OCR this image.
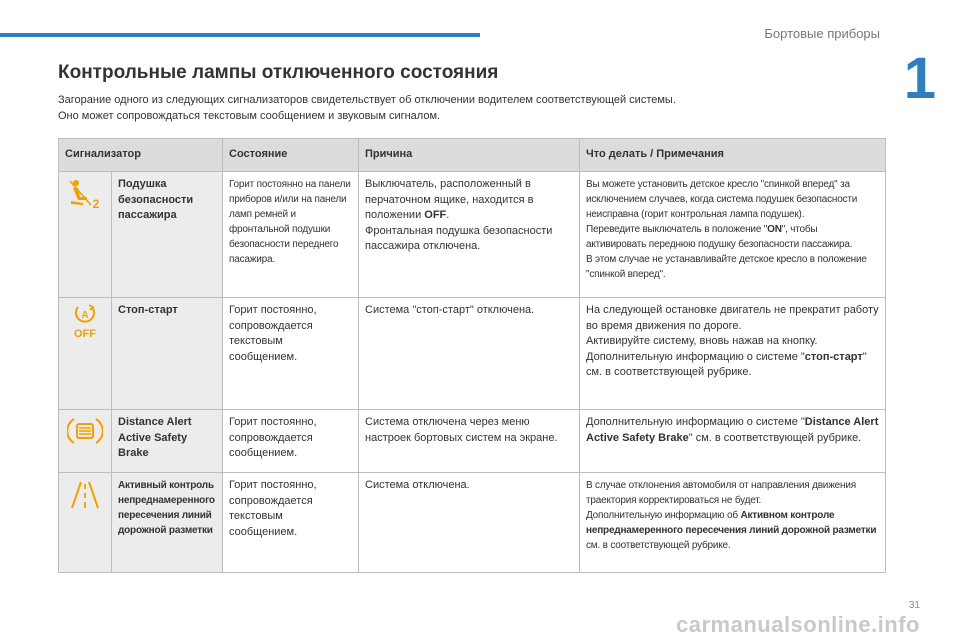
Бортовые приборы
1
Контрольные лампы отключенного состояния

Загорание одного из следующих сигнализаторов свидетельствует об отключении водителем соответствующей системы.

Оно может сопровождаться текстовым сообщением и звуковым сигналом.

Сигнализатор		Состояние	Причина	Что делать / Примечания

2	Подушка безопасности пассажира	Горит постоянно на панели приборов и/или на панели ламп ремней и фронтальной подушки безопасности переднего пасажира.	Выключатель, расположенный в перчаточном ящике, находится в положении OFF.
Фронтальная подушка безопасности пассажира отключена.	Вы можете установить детское кресло "спинкой вперед" за исключением случаев, когда система подушек безопасности неисправна (горит контрольная лампа подушек).
Переведите выключатель в положение "ON", чтобы активировать переднюю подушку безопасности пассажира.
В этом случае не устанавливайте детское кресло в положение "спинкой вперед".

A
OFF	Стоп-старт	Горит постоянно, сопровождается текстовым сообщением.	Система "стоп-старт" отключена.	На следующей остановке двигатель не прекратит работу во время движения по дороге.
Активируйте систему, вновь нажав на кнопку.
Дополнительную информацию о системе "стоп-старт" см. в соответствующей рубрике.
	Distance Alert Active Safety Brake	Горит постоянно, сопровождается сообщением.	Система отключена через меню настроек бортовых систем на экране.	Дополнительную информацию о системе "Distance Alert Active Safety Brake" см. в соответствующей рубрике.
	Активный контроль непреднамеренного пересечения линий дорожной разметки	Горит постоянно, сопровождается текстовым сообщением.	Система отключена.	В случае отклонения автомобиля от направления движения траектория корректироваться не будет.
Дополнительную информацию об Активном контроле непреднамеренного пересечения линий дорожной разметки см. в соответствующей рубрике.
carmanualsonline.info
31
